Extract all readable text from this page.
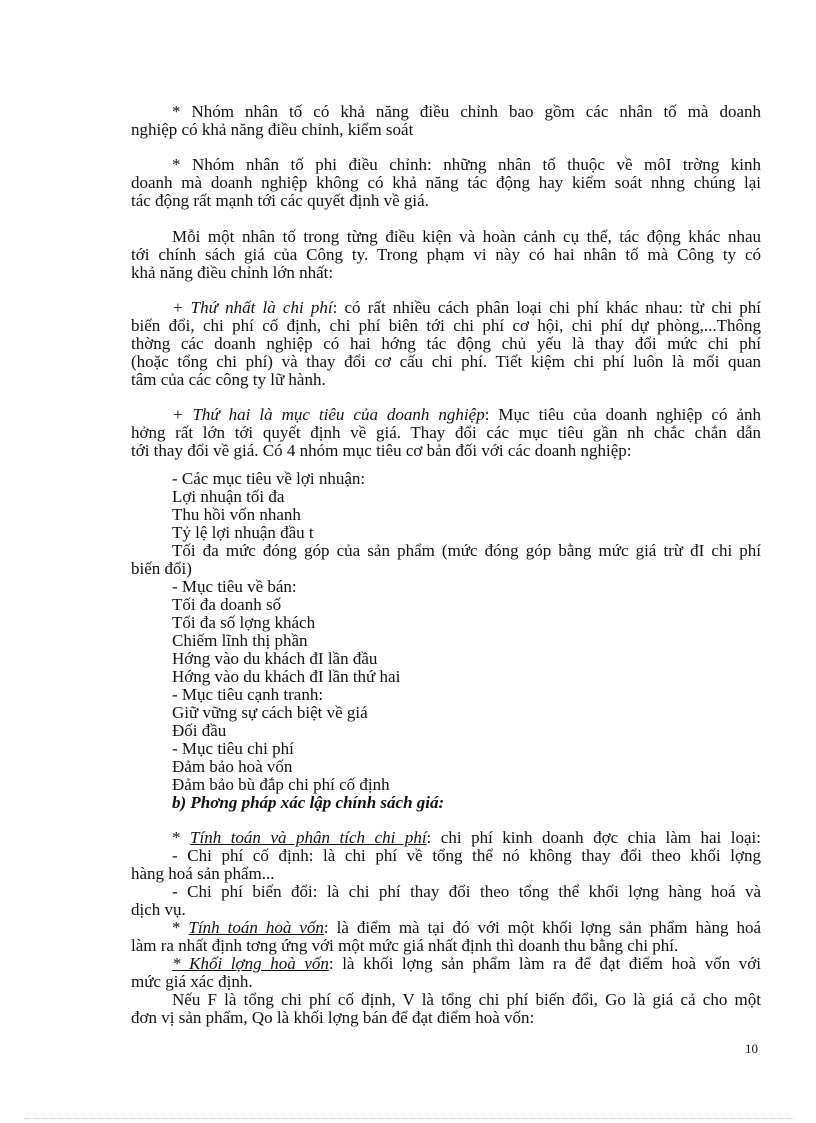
* Nhóm nhân tố có khả năng điều chỉnh bao gồm các nhân tố mà doanh
nghiệp có khả năng điều chỉnh, kiểm soát
* Nhóm nhân tố phi điều chỉnh: những nhân tố thuộc về môI trờng kinh
doanh mà doanh nghiệp không có khả năng tác động hay kiểm soát nhng chúng lại
tác động rất mạnh tới các quyết định về giá.
Mỗi một nhân tố trong từng điều kiện và hoàn cảnh cụ thể, tác động khác nhau
tới chính sách giá của Công ty. Trong phạm vi này có hai nhân tố mà Công ty có
khả năng điều chỉnh lớn nhất:
+ Thứ nhất là chi phí: có rất nhiều cách phân loại chi phí khác nhau: từ chi phí
biến đổi, chi phí cố định, chi phí biên tới chi phí cơ hội, chi phí dự phòng,...Thông
thờng các doanh nghiệp có hai hớng tác động chủ yếu là thay đổi mức chi phí
(hoặc tổng chi phí) và thay đổi cơ cấu chi phí. Tiết kiệm chi phí luôn là mối quan
tâm của các công ty lữ hành.
+ Thứ hai là mục tiêu của doanh nghiệp: Mục tiêu của doanh nghiệp có ảnh
hởng rất lớn tới quyết định về giá. Thay đổi các mục tiêu gần nh chắc chắn dẫn
tới thay đổi về giá. Có 4 nhóm mục tiêu cơ bản đối với các doanh nghiệp:
- Các mục tiêu về lợi nhuận:
Lợi nhuận tối đa
Thu hồi vốn nhanh
Tỷ lệ lợi nhuận đầu t
Tối đa mức đóng góp của sản phẩm (mức đóng góp bằng mức giá trừ đI chi phí
biến đổi)
- Mục tiêu về bán:
Tối đa doanh số
Tối đa số lợng khách
Chiếm lĩnh thị phần
Hớng vào du khách đI lần đầu
Hớng vào du khách đI lần thứ hai
- Mục tiêu cạnh tranh:
Giữ vững sự cách biệt về giá
Đối đầu
- Mục tiêu chi phí
Đảm bảo hoà vốn
Đảm bảo bù đắp chi phí cố định
b) Phơng pháp xác lập chính sách giá:
* Tính toán và phân tích chi phí: chi phí kinh doanh đợc chia làm hai loại:
- Chi phí cố định: là chi phí về tổng thể nó không thay đổi theo khối lợng
hàng hoá sản phẩm...
- Chi phí biến đổi: là chi phí thay đổi theo tổng thể khối lợng hàng hoá và
dịch vụ.
* Tính toán hoà vốn: là điểm mà tại đó với một khối lợng sản phẩm hàng hoá
làm ra nhất định tơng ứng với một mức giá nhất định thì doanh thu bằng chi phí.
* Khối lợng hoà vốn: là khối lợng sản phẩm làm ra để đạt điểm hoà vốn với
mức giá xác định.
Nếu F là tổng chi phí cố định, V là tổng chi phí biến đổi, Go là giá cả cho một
đơn vị sản phẩm, Qo là khối lợng bán để đạt điểm hoà vốn:
10
